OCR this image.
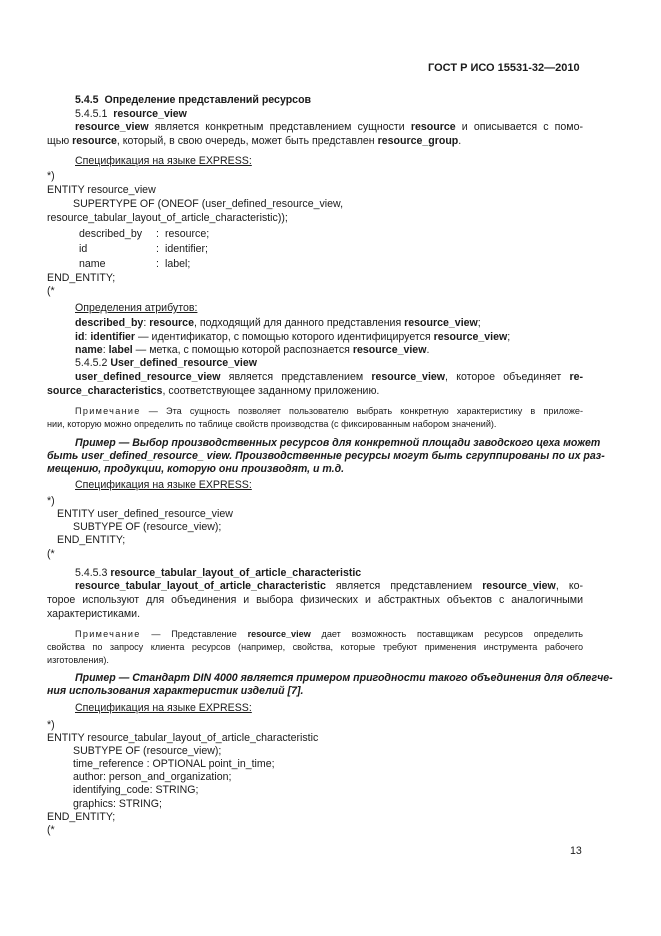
ГОСТ Р ИСО 15531-32—2010
5.4.5 Определение представлений ресурсов
5.4.5.1 resource_view
resource_view является конкретным представлением сущности resource и описывается с помо-
щью resource, который, в свою очередь, может быть представлен resource_group.
Спецификация на языке EXPRESS:
*)
ENTITY resource_view
SUPERTYPE OF (ONEOF (user_defined_resource_view,
resource_tabular_layout_of_article_characteristic));
described_by : resource;
id	: identifier;
name	: label;
END_ENTITY;
(*
Определения атрибутов:
described_by: resource, подходящий для данного представления resource_view;
id: identifier — идентификатор, с помощью которого идентифицируется resource_view;
name: label — метка, с помощью которой распознается resource_view.
5.4.5.2 User_defined_resource_view
user_defined_resource_view является представлением resource_view, которое объединяет re-
source_characteristics, соответствующее заданному приложению.
Примечание — Эта сущность позволяет пользователю выбрать конкретную характеристику в приложе-
нии, которую можно определить по таблице свойств производства (с фиксированным набором значений).
Пример — Выбор производственных ресурсов для конкретной площади заводского цеха может
быть user_defined_resource_ view. Производственные ресурсы могут быть сгруппированы по их раз-
мещению, продукции, которую они производят, и т.д.
Спецификация на языке EXPRESS:
*)
ENTITY user_defined_resource_view
SUBTYPE OF (resource_view);
END_ENTITY;
(*
5.4.5.3 resource_tabular_layout_of_article_characteristic
resource_tabular_layout_of_article_characteristic является представлением resource_view, ко-
торое используют для объединения и выбора физических и абстрактных объектов с аналогичными
характеристиками.
Примечание — Представление resource_view дает возможность поставщикам ресурсов определить
свойства по запросу клиента ресурсов (например, свойства, которые требуют применения инструмента рабочего
изготовления).
Пример — Стандарт DIN 4000 является примером пригодности такого объединения для облегче-
ния использования характеристик изделий [7].
Спецификация на языке EXPRESS:
*)
ENTITY resource_tabular_layout_of_article_characteristic
SUBTYPE OF (resource_view);
time_reference : OPTIONAL point_in_time;
author: person_and_organization;
identifying_code: STRING;
graphics: STRING;
END_ENTITY;
(*
13
